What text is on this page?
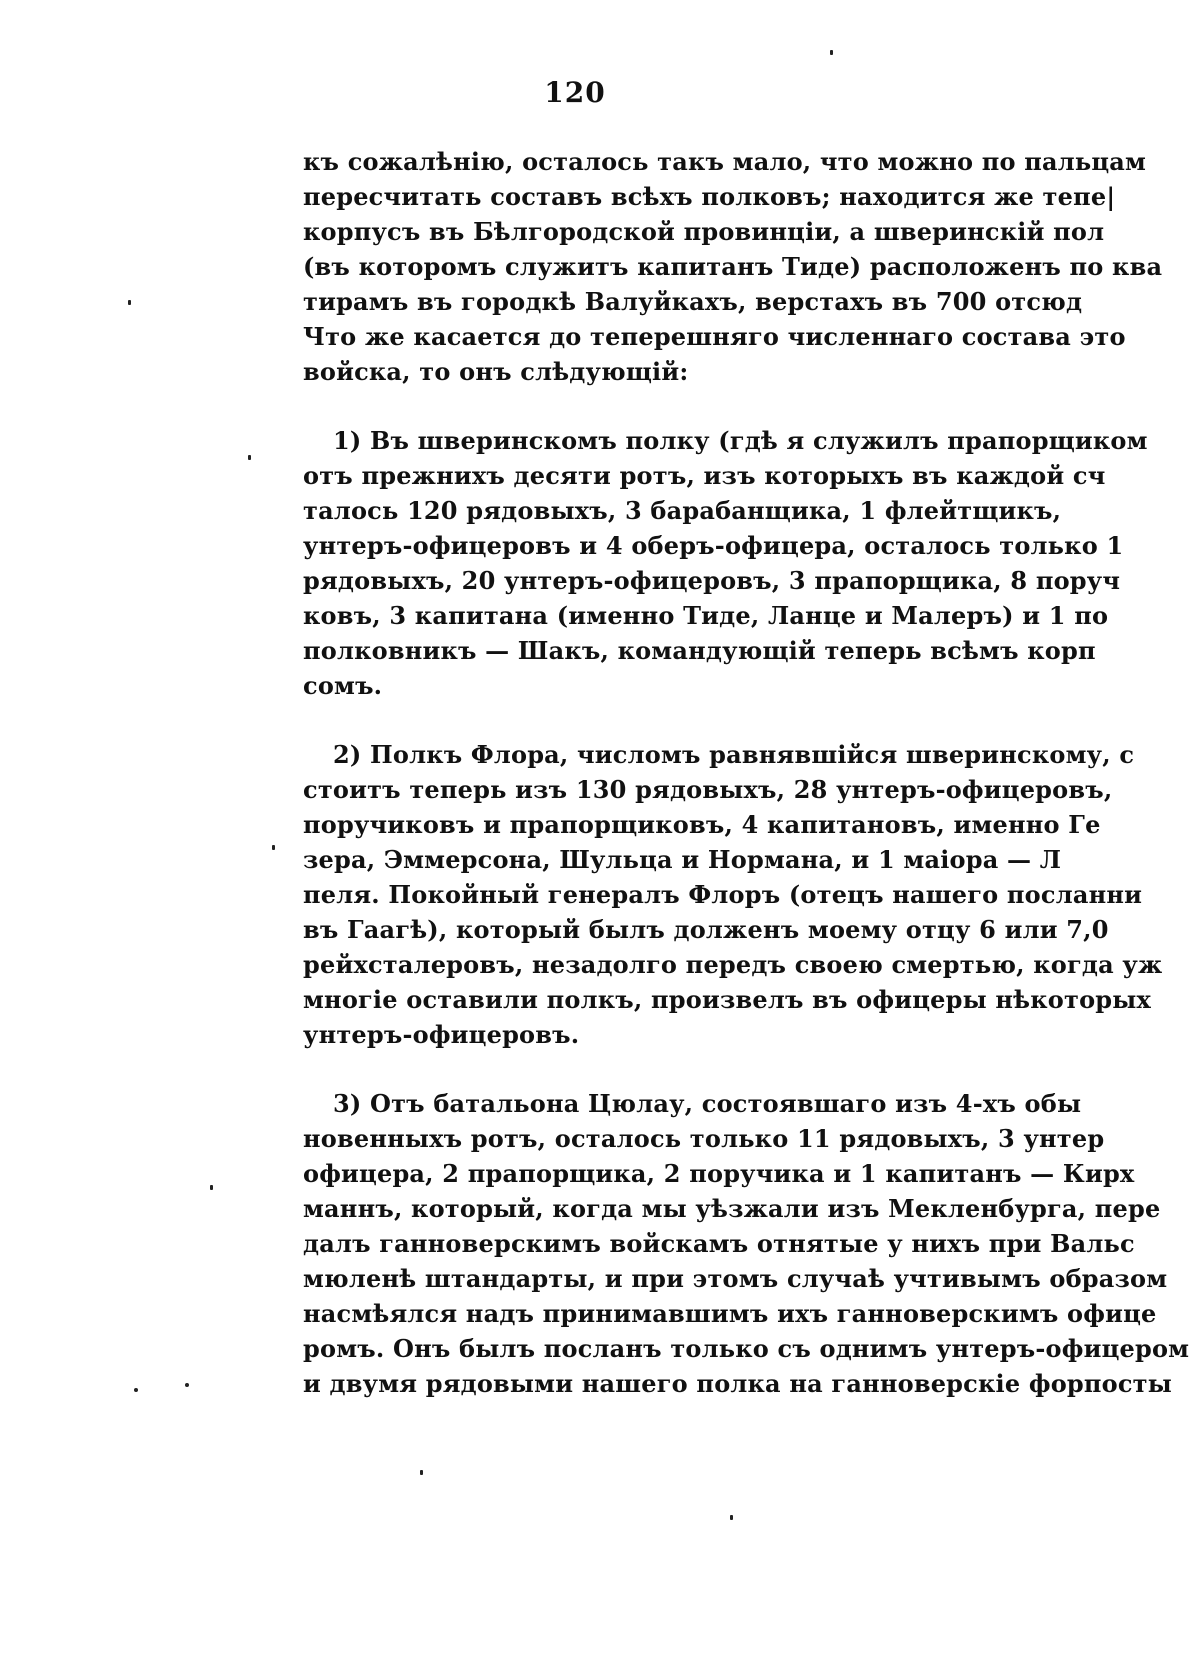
120
къ сожалѣнію, осталось такъ мало, что можно по пальцам
пересчитать составъ всѣхъ полковъ; находится же тепе|
корпусъ въ Бѣлгородской провинціи, а шверинскій пол
(въ которомъ служитъ капитанъ Тиде) расположенъ по ква
тирамъ въ городкѣ Валуйкахъ, верстахъ въ 700 отсюд
Что же касается до теперешняго численнаго состава это
войска, то онъ слѣдующій:
1) Въ шверинскомъ полку (гдѣ я служилъ прапорщиком
отъ прежнихъ десяти ротъ, изъ которыхъ въ каждой сч
талось 120 рядовыхъ, 3 барабанщика, 1 флейтщикъ,
унтеръ-офицеровъ и 4 оберъ-офицера, осталось только 1
рядовыхъ, 20 унтеръ-офицеровъ, 3 прапорщика, 8 поруч
ковъ, 3 капитана (именно Тиде, Ланце и Малеръ) и 1 по
полковникъ — Шакъ, командующій теперь всѣмъ корп
сомъ.
2) Полкъ Флора, числомъ равнявшійся шверинскому, с
стоитъ теперь изъ 130 рядовыхъ, 28 унтеръ-офицеровъ,
поручиковъ и прапорщиковъ, 4 капитановъ, именно Ге
зера, Эммерсона, Шульца и Нормана, и 1 маіора — Л
пеля. Покойный генералъ Флоръ (отецъ нашего посланни
въ Гаагѣ), который былъ долженъ моему отцу 6 или 7,0
рейхсталеровъ, незадолго передъ своею смертью, когда уж
многіе оставили полкъ, произвелъ въ офицеры нѣкоторых
унтеръ-офицеровъ.
3) Отъ батальона Цюлау, состоявшаго изъ 4-хъ обы
новенныхъ ротъ, осталось только 11 рядовыхъ, 3 унтер
офицера, 2 прапорщика, 2 поручика и 1 капитанъ — Кирх
маннъ, который, когда мы уѣзжали изъ Мекленбурга, пере
далъ ганноверскимъ войскамъ отнятые у нихъ при Вальс
мюленѣ штандарты, и при этомъ случаѣ учтивымъ образом
насмѣялся надъ принимавшимъ ихъ ганноверскимъ офице
ромъ. Онъ былъ посланъ только съ однимъ унтеръ-офицером
и двумя рядовыми нашего полка на ганноверскіе форпосты
